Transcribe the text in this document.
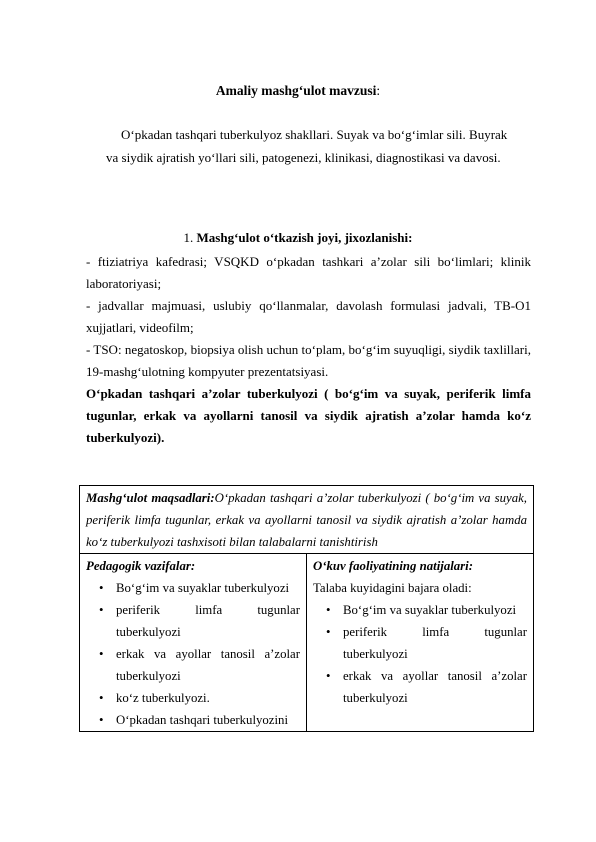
Amaliy mashg‘ulot mavzusi:
O‘pkadan tashqari tuberkulyoz shakllari. Suyak va bo‘g‘imlar sili. Buyrak
va siydik ajratish yo‘llari sili, patogenezi, klinikasi, diagnostikasi va davosi.
1. Mashg‘ulot o‘tkazish joyi, jixozlanishi:

- ftiziatriya kafedrasi; VSQKD o‘pkadan tashkari a’zolar sili bo‘limlari; klinik laboratoriyasi;

- jadvallar majmuasi, uslubiy qo‘llanmalar, davolash formulasi jadvali, TB-O1 xujjatlari, videofilm;

- TSO: negatoskop, biopsiya olish uchun to‘plam, bo‘g‘im suyuqligi, siydik taxlillari, 19-mashg‘ulotning kompyuter prezentatsiyasi.

O‘pkadan tashqari a’zolar tuberkulyozi ( bo‘g‘im va suyak, periferik limfa tugunlar, erkak va ayollarni tanosil va siydik ajratish a’zolar hamda ko‘z tuberkulyozi).

Mashg‘ulot maqsadlari:O‘pkadan tashqari a’zolar tuberkulyozi ( bo‘g‘im va suyak, periferik limfa tugunlar, erkak va ayollarni tanosil va siydik ajratish a’zolar hamda ko‘z tuberkulyozi tashxisoti bilan talabalarni tanishtirish

Pedagogik vazifalar:
• Bo‘g‘im va suyaklar tuberkulyozi
• periferik limfa tugunlar tuberkulyozi
• erkak va ayollar tanosil a’zolar tuberkulyozi
• ko‘z tuberkulyozi.
• O‘pkadan tashqari tuberkulyozini

O‘kuv faoliyatining natijalari:
Talaba kuyidagini bajara oladi:
• Bo‘g‘im va suyaklar tuberkulyozi
• periferik limfa tugunlar tuberkulyozi
• erkak va ayollar tanosil a’zolar tuberkulyozi
